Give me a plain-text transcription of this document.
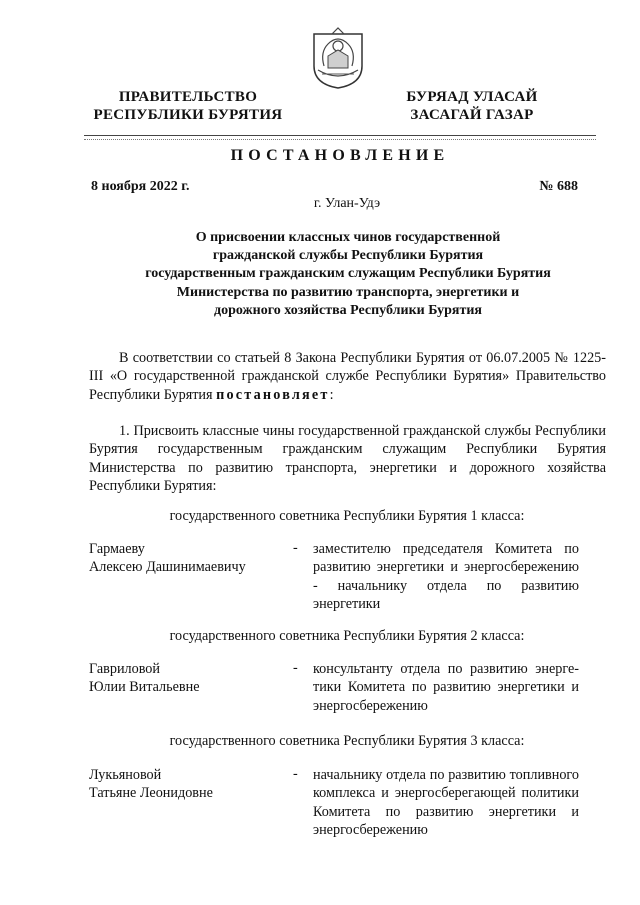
ПРАВИТЕЛЬСТВО
РЕСПУБЛИКИ БУРЯТИЯ
БУРЯАД УЛАСАЙ
ЗАСАГАЙ ГАЗАР
ПОСТАНОВЛЕНИЕ
8 ноября 2022 г.	№ 688
г. Улан-Удэ
О присвоении классных чинов государственной
гражданской службы Республики Бурятия
государственным гражданским служащим Республики Бурятия
Министерства по развитию транспорта, энергетики и
дорожного хозяйства Республики Бурятия
В соответствии со статьей 8 Закона Республики Бурятия от 06.07.2005 № 1225-III «О государственной гражданской службе Республики Бурятия» Правительство Республики Бурятия постановляет:
1. Присвоить классные чины государственной гражданской службы Республики Бурятия государственным гражданским служащим Республики Бурятия Министерства по развитию транспорта, энергетики и дорожного хозяйства Республики Бурятия:
государственного советника Республики Бурятия 1 класса:
Гармаеву
Алексею Дашинимаевичу
- заместителю председателя Комитета по развитию энергетики и энергосбережению - начальнику отдела по развитию энергетики
государственного советника Республики Бурятия 2 класса:
Гавриловой
Юлии Витальевне
- консультанту отдела по развитию энерге-тики Комитета по развитию энергетики и энергосбережению
государственного советника Республики Бурятия 3 класса:
Лукьяновой
Татьяне Леонидовне
- начальнику отдела по развитию топливного комплекса и энергосберегающей политики Комитета по развитию энергетики и энергосбережению
